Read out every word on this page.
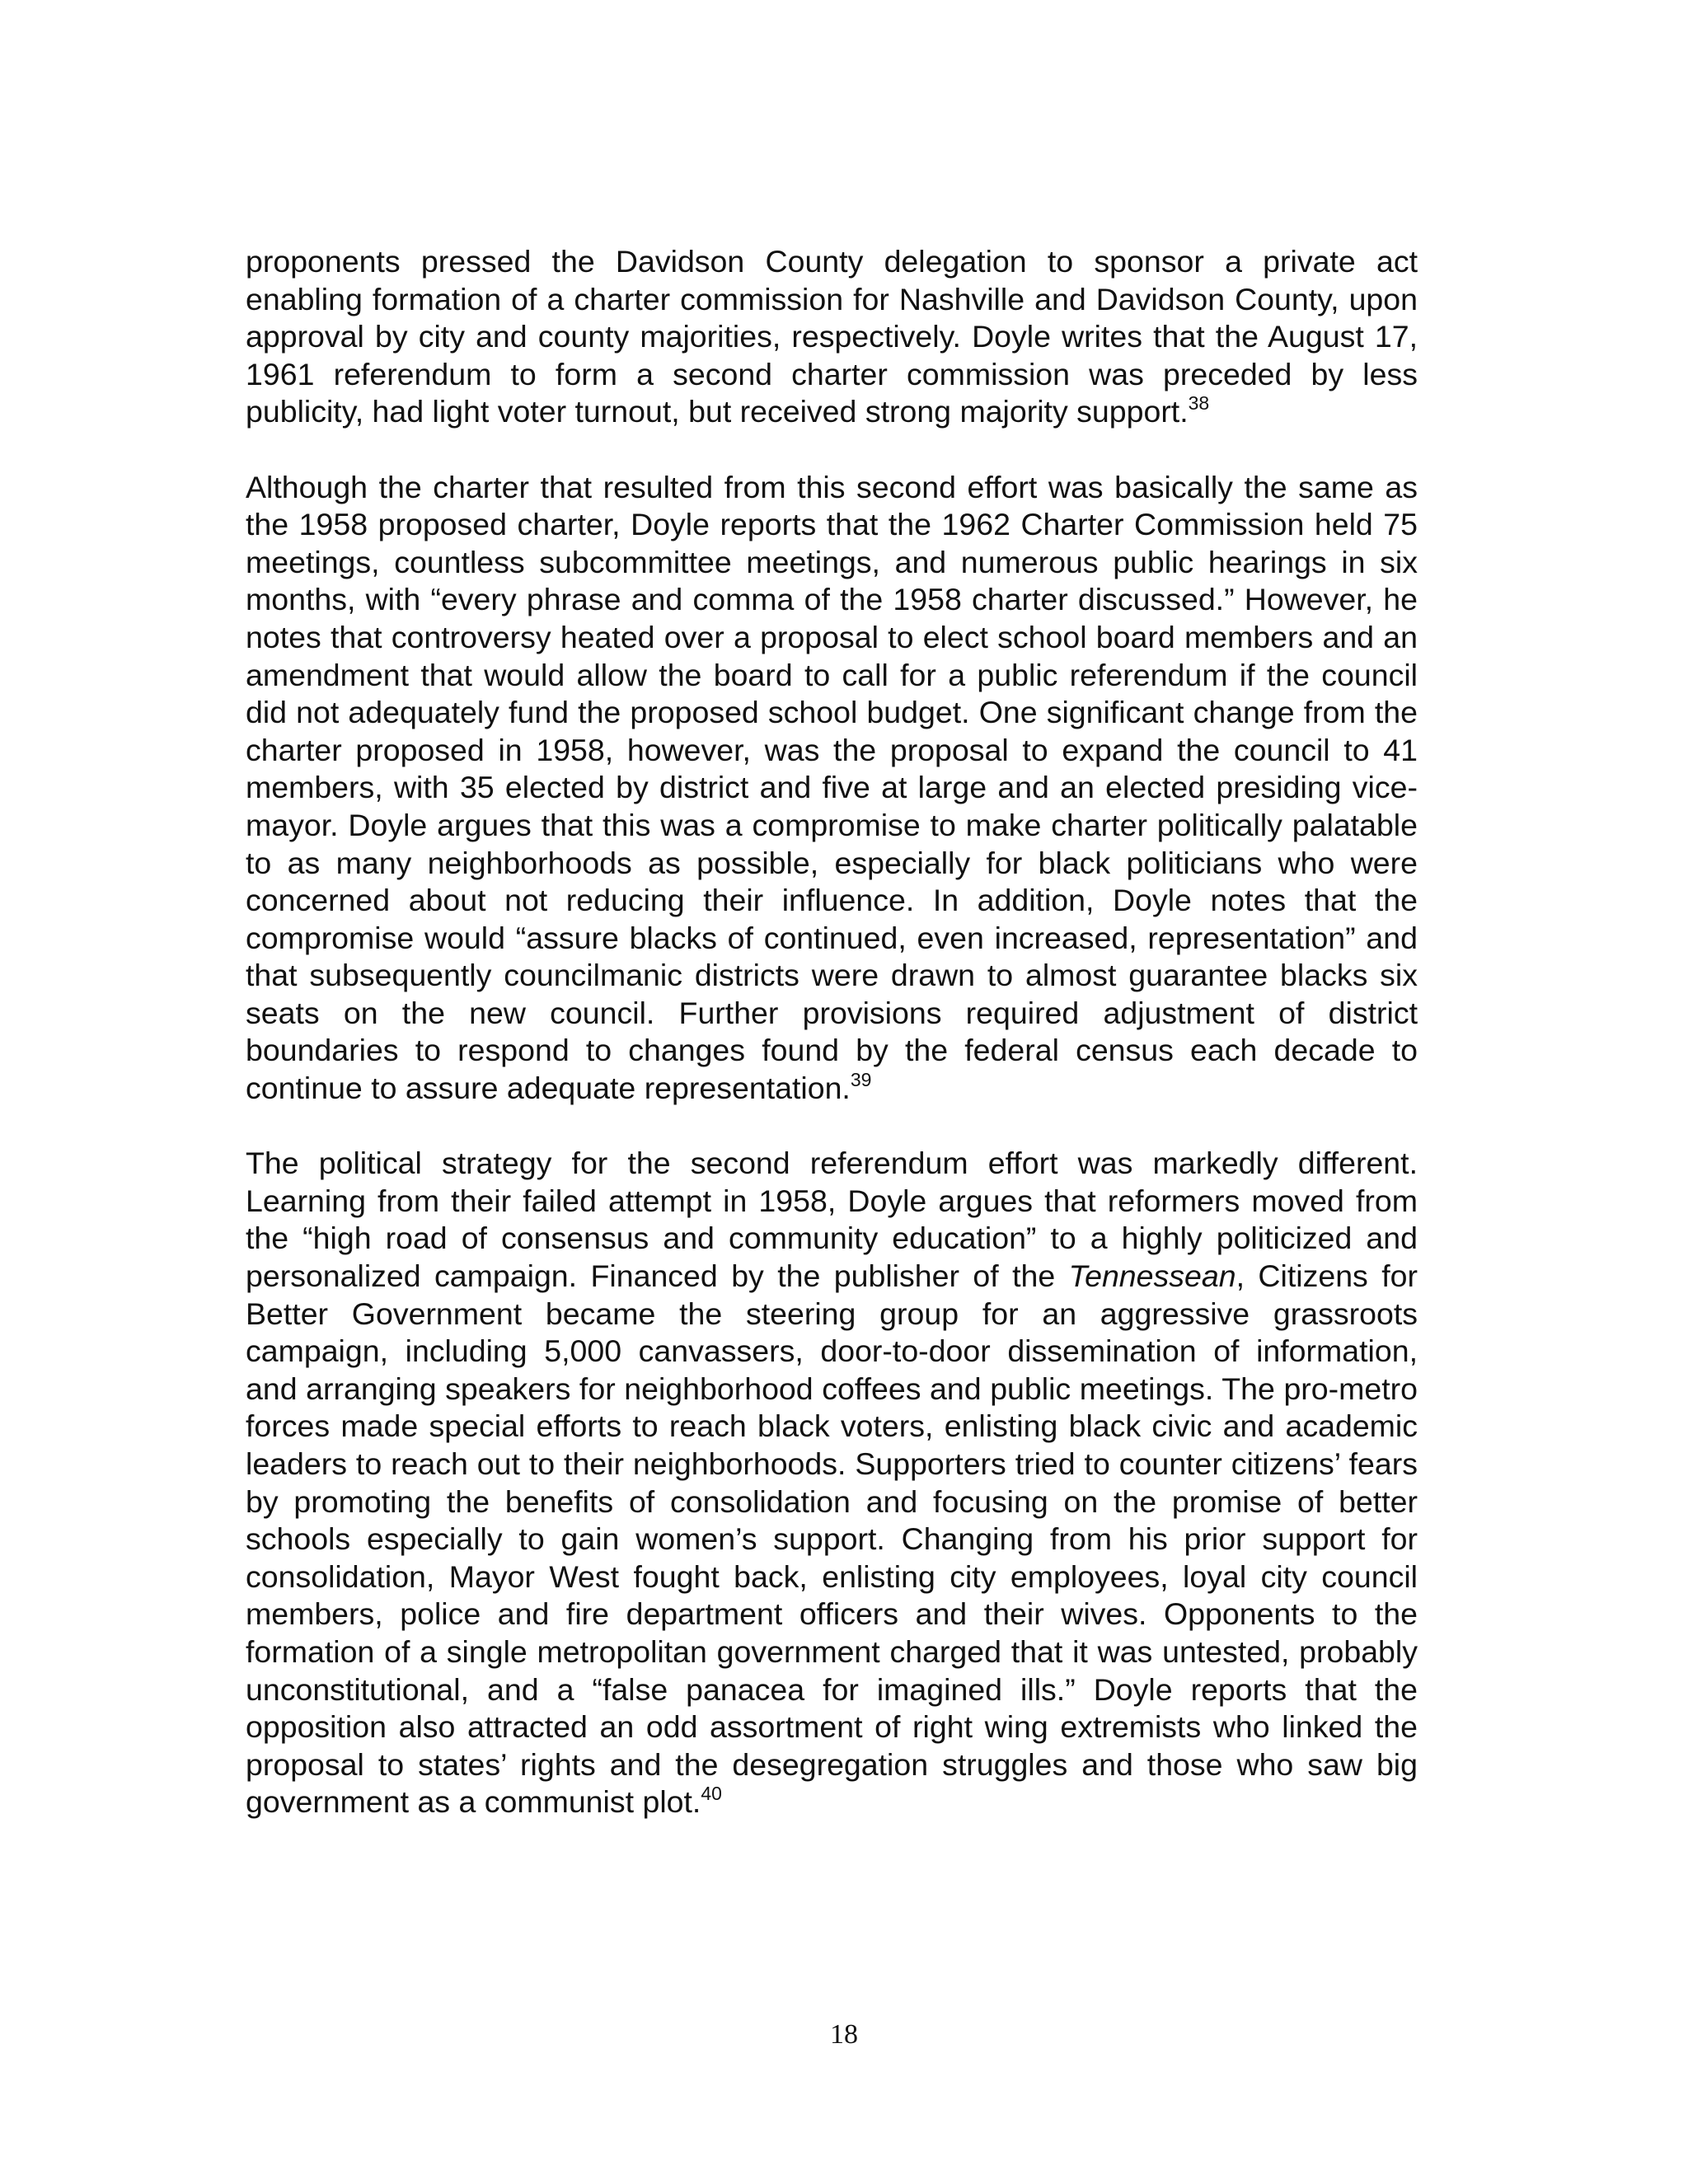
proponents pressed the Davidson County delegation to sponsor a private act enabling formation of a charter commission for Nashville and Davidson County, upon approval by city and county majorities, respectively. Doyle writes that the August 17, 1961 referendum to form a second charter commission was preceded by less publicity, had light voter turnout, but received strong majority support.$^{38}$

Although the charter that resulted from this second effort was basically the same as the 1958 proposed charter, Doyle reports that the 1962 Charter Commission held 75 meetings, countless subcommittee meetings, and numerous public hearings in six months, with “every phrase and comma of the 1958 charter discussed.” However, he notes that controversy heated over a proposal to elect school board members and an amendment that would allow the board to call for a public referendum if the council did not adequately fund the proposed school budget. One significant change from the charter proposed in 1958, however, was the proposal to expand the council to 41 members, with 35 elected by district and five at large and an elected presiding vice-mayor. Doyle argues that this was a compromise to make charter politically palatable to as many neighborhoods as possible, especially for black politicians who were concerned about not reducing their influence. In addition, Doyle notes that the compromise would “assure blacks of continued, even increased, representation” and that subsequently councilmanic districts were drawn to almost guarantee blacks six seats on the new council. Further provisions required adjustment of district boundaries to respond to changes found by the federal census each decade to continue to assure adequate representation.$^{39}$

The political strategy for the second referendum effort was markedly different. Learning from their failed attempt in 1958, Doyle argues that reformers moved from the “high road of consensus and community education” to a highly politicized and personalized campaign. Financed by the publisher of the Tennessean, Citizens for Better Government became the steering group for an aggressive grassroots campaign, including 5,000 canvassers, door-to-door dissemination of information, and arranging speakers for neighborhood coffees and public meetings. The pro-metro forces made special efforts to reach black voters, enlisting black civic and academic leaders to reach out to their neighborhoods. Supporters tried to counter citizens’ fears by promoting the benefits of consolidation and focusing on the promise of better schools especially to gain women’s support. Changing from his prior support for consolidation, Mayor West fought back, enlisting city employees, loyal city council members, police and fire department officers and their wives. Opponents to the formation of a single metropolitan government charged that it was untested, probably unconstitutional, and a “false panacea for imagined ills.” Doyle reports that the opposition also attracted an odd assortment of right wing extremists who linked the proposal to states’ rights and the desegregation struggles and those who saw big government as a communist plot.$^{40}$

18
